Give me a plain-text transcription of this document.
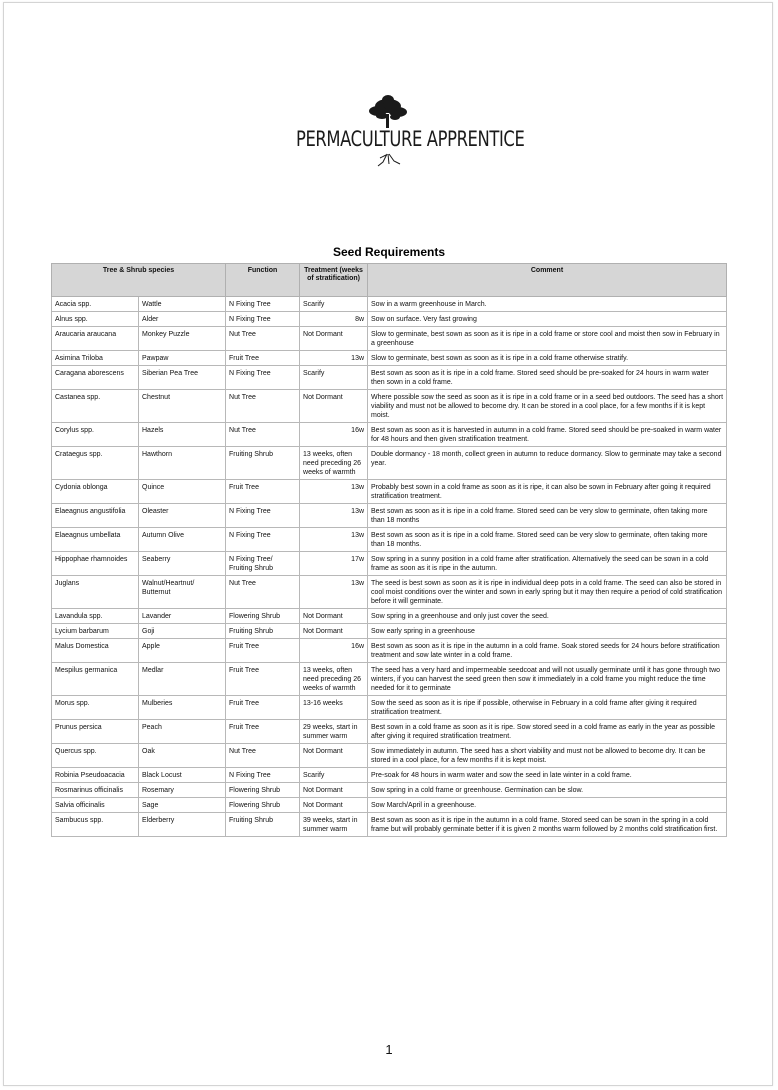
PERMACULTURE APPRENTICE
Seed Requirements
Tree & Shrub species		Function	Treatment (weeks of stratification)	Comment
Acacia spp.	Wattle	N Fixing Tree	Scarify	Sow in a warm greenhouse in March.
Alnus spp.	Alder	N Fixing Tree	8w	Sow on surface. Very fast growing
Araucaria araucana	Monkey Puzzle	Nut Tree	Not Dormant	Slow to germinate, best sown as soon as it is ripe in a cold frame or store cool and moist then sow in February in a greenhouse
Asimina Triloba	Pawpaw	Fruit Tree	13w	Slow to germinate, best sown as soon as it is ripe in a cold frame otherwise stratify.
Caragana aborescens	Siberian Pea Tree	N Fixing Tree	Scarify	Best sown as soon as it is ripe in a cold frame. Stored seed should be pre-soaked for 24 hours in warm water then sown in a cold frame.
Castanea spp.	Chestnut	Nut Tree	Not Dormant	Where possible sow the seed as soon as it is ripe in a cold frame or in a seed bed outdoors. The seed has a short viability and must not be allowed to become dry. It can be stored in a cool place, for a few months if it is kept moist.
Corylus spp.	Hazels	Nut Tree	16w	Best sown as soon as it is harvested in autumn in a cold frame. Stored seed should be pre-soaked in warm water for 48 hours and then given stratification treatment.
Crataegus spp.	Hawthorn	Fruiting Shrub	13 weeks, often need preceding 26 weeks of warmth	Double dormancy - 18 month, collect green in autumn to reduce dormancy. Slow to germinate may take a second year.
Cydonia oblonga	Quince	Fruit Tree	13w	Probably best sown in a cold frame as soon as it is ripe, it can also be sown in February after going it required stratification treatment.
Elaeagnus angustifolia	Oleaster	N Fixing Tree	13w	Best sown as soon as it is ripe in a cold frame. Stored seed can be very slow to germinate, often taking more than 18 months
Elaeagnus umbellata	Autumn Olive	N Fixing Tree	13w	Best sown as soon as it is ripe in a cold frame. Stored seed can be very slow to germinate, often taking more than 18 months.
Hippophae rhamnoides	Seaberry	N Fixing Tree/ Fruiting Shrub	17w	Sow spring in a sunny position in a cold frame after stratification. Alternatively the seed can be sown in a cold frame as soon as it is ripe in the autumn.
Juglans	Walnut/Heartnut/ Butternut	Nut Tree	13w	The seed is best sown as soon as it is ripe in individual deep pots in a cold frame. The seed can also be stored in cool moist conditions over the winter and sown in early spring but it may then require a period of cold stratification before it will germinate.
Lavandula spp.	Lavander	Flowering Shrub	Not Dormant	Sow spring in a greenhouse and only just cover the seed.
Lycium barbarum	Goji	Fruiting Shrub	Not Dormant	Sow early spring in a greenhouse
Malus Domestica	Apple	Fruit Tree	16w	Best sown as soon as it is ripe in the autumn in a cold frame. Soak stored seeds for 24 hours before stratification treatment and sow late winter in a cold frame.
Mespilus germanica	Medlar	Fruit Tree	13 weeks, often need preceding 26 weeks of warmth	The seed has a very hard and impermeable seedcoat and will not usually germinate until it has gone through two winters, if you can harvest the seed green then sow it immediately in a cold frame you might reduce the time needed for it to germinate
Morus spp.	Mulberies	Fruit Tree	13-16 weeks	Sow the seed as soon as it is ripe if possible, otherwise in February in a cold frame after giving it required stratification treatment.
Prunus persica	Peach	Fruit Tree	29 weeks, start in summer warm	Best sown in a cold frame as soon as it is ripe. Sow stored seed in a cold frame as early in the year as possible after giving it required stratification treatment.
Quercus spp.	Oak	Nut Tree	Not Dormant	Sow immediately in autumn. The seed has a short viability and must not be allowed to become dry. It can be stored in a cool place, for a few months if it is kept moist.
Robinia Pseudoacacia	Black Locust	N Fixing Tree	Scarify	Pre-soak for 48 hours in warm water and sow the seed in late winter in a cold frame.
Rosmarinus officinalis	Rosemary	Flowering Shrub	Not Dormant	Sow spring in a cold frame or greenhouse. Germination can be slow.
Salvia officinalis	Sage	Flowering Shrub	Not Dormant	Sow March/April in a greenhouse.
Sambucus spp.	Elderberry	Fruiting Shrub	39 weeks, start in summer warm	Best sown as soon as it is ripe in the autumn in a cold frame. Stored seed can be sown in the spring in a cold frame but will probably germinate better if it is given 2 months warm followed by 2 months cold stratification first.
1
